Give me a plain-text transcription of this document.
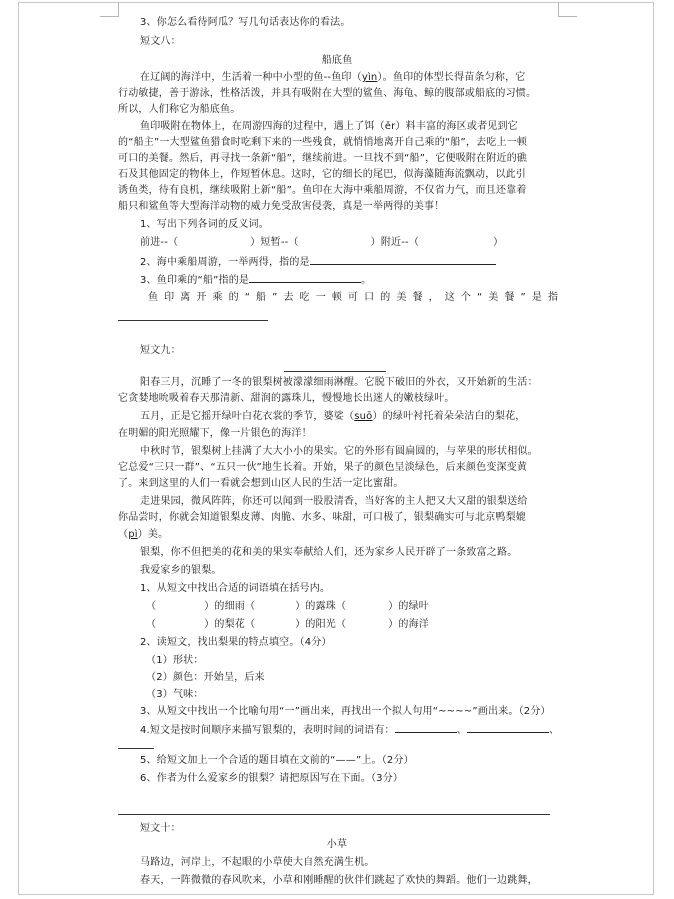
3、你怎么看待阿瓜？写几句话表达你的看法。
短文八：
船底鱼
在辽阔的海洋中，生活着一种中小型的鱼--鱼印（yìn）。鱼印的体型长得苗条匀称，它
行动敏捷，善于游泳，性格活泼，并具有吸附在大型的鲨鱼、海龟、鲸的腹部或船底的习惯。
所以，人们称它为船底鱼。
鱼印吸附在物体上，在周游四海的过程中，遇上了饵（ěr）料丰富的海区或者见到它
的“船主”一大型鲨鱼猎食时吃剩下来的一些残食，就悄悄地离开自己乘的“船”，去吃上一顿
可口的美餐。然后，再寻找一条新“船”，继续前进。一旦找不到“船”，它便吸附在附近的礁
石及其他固定的物体上，作短暂休息。这时，它的细长的尾巴，似海藻随海流飘动，以此引
诱鱼类，待有良机，继续吸附上新“船”。鱼印在大海中乘船周游，不仅省力气，而且还靠着
船只和鲨鱼等大型海洋动物的威力免受敌害侵袭，真是一举两得的美事！
1、写出下列各词的反义词。
前进--（	）短暂--（	）附近--（	）
2、海中乘船周游，一举两得，指的是
3、鱼印乘的“船”指的是	。
鱼印离开乘的“船”去吃一顿可口的美餐，这个“美餐”是指
短文九：
阳春三月，沉睡了一冬的银梨树被濛濛细雨淋醒。它脱下破旧的外衣，又开始新的生活：
它贪婪地吮吸着春天那清新、甜润的露珠儿，慢慢地长出迷人的嫩枝绿叶。
五月，正是它摇开绿叶白花衣裳的季节，婆娑（suō）的绿叶衬托着朵朵洁白的梨花，
在明媚的阳光照耀下，像一片银色的海洋！
中秋时节，银梨树上挂满了大大小小的果实。它的外形有圆扁圆的，与苹果的形状相似。
它总爱“三只一群”、“五只一伙”地生长着。开始，果子的颜色呈淡绿色，后来颜色变深变黄
了。来到这里的人们一看就会想到山区人民的生活一定比蜜甜。
走进果园，微风阵阵，你还可以闻到一股股清香，当好客的主人把又大又甜的银梨送给
你品尝时，你就会知道银梨皮薄、肉脆、水多、味甜，可口极了，银梨确实可与北京鸭梨媲
（pì）美。
银梨，你不但把美的花和美的果实奉献给人们，还为家乡人民开辟了一条致富之路。
我爱家乡的银梨。
1、从短文中找出合适的词语填在括号内。
（	）的细雨（	）的露珠（	）的绿叶
（	）的梨花（	）的阳光（	）的海洋
2、读短文，找出梨果的特点填空。（4分）
（1）形状：
（2）颜色：开始呈，后来
（3）气味：
3、从短文中找出一个比喻句用“一”画出来，再找出一个拟人句用“~~~~”画出来。（2分）
4.短文是按时间顺序来描写银梨的，表明时间的词语有：	、	、
5、给短文加上一个合适的题目填在文前的“——”上。（2分）
6、作者为什么爱家乡的银梨？请把原因写在下面。（3分）
短文十：
小草
马路边，河岸上，不起眼的小草使大自然充满生机。
春天，一阵微微的春风吹来，小草和刚睡醒的伙伴们跳起了欢快的舞蹈。他们一边跳舞，
